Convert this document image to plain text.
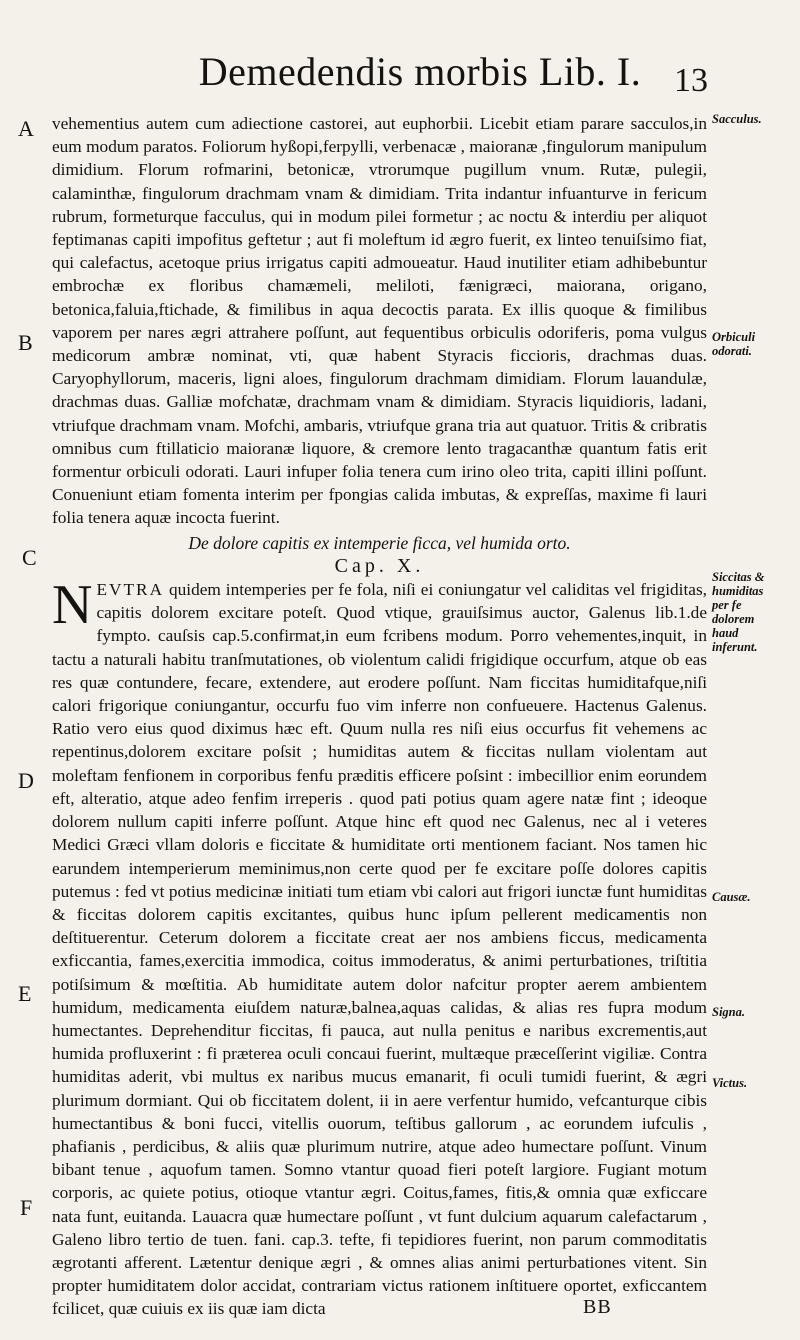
Demedendis morbis Lib. I. 13
A
B
C
D
E
F
Sacculus.
Orbiculi odorati.
Siccitas & humiditas per fe dolorem haud inferunt.
Causæ.
Signa.
Victus.

vehementius autem cum adiectione castorei, aut euphorbii. Licebit etiam parare sacculos,in eum modum paratos. Foliorum hyßopi,ferpylli, verbenacæ , maioranæ ,fingulorum manipulum dimidium. Florum rofmarini, betonicæ, vtrorumque pugillum vnum. Rutæ, pulegii, calaminthæ, fingulorum drachmam vnam & dimidiam. Trita indantur infuanturve in fericum rubrum, formeturque facculus, qui in modum pilei formetur ; ac noctu & interdiu per aliquot feptimanas capiti impofitus geftetur ; aut fi moleftum id ægro fuerit, ex linteo tenuiſsimo fiat, qui calefactus, acetoque prius irrigatus capiti admoueatur. Haud inutiliter etiam adhibebuntur embrochæ ex floribus chamæmeli, meliloti, fænigræci, maiorana, origano, betonica,faluia,ftichade, & fimilibus in aqua decoctis parata. Ex illis quoque & fimilibus vaporem per nares ægri attrahere poſſunt, aut fequentibus orbiculis odoriferis, poma vulgus medicorum ambræ nominat, vti, quæ habent Styracis ficcioris, drachmas duas. Caryophyllorum, maceris, ligni aloes, fingulorum drachmam dimidiam. Florum lauandulæ, drachmas duas. Galliæ mofchatæ, drachmam vnam & dimidiam. Styracis liquidioris, ladani, vtriufque drachmam vnam. Mofchi, ambaris, vtriufque grana tria aut quatuor. Tritis & cribratis omnibus cum ftillaticio maioranæ liquore, & cremore lento tragacanthæ quantum fatis erit formentur orbiculi odorati. Lauri infuper folia tenera cum irino oleo trita, capiti illini poſſunt. Conueniunt etiam fomenta interim per fpongias calida imbutas, & expreſſas, maxime fi lauri folia tenera aquæ incocta fuerint.

De dolore capitis ex intemperie ficca, vel humida orto.
Cap. X.

NEVTRA quidem intemperies per fe fola, niſi ei coniungatur vel caliditas vel frigiditas, capitis dolorem excitare poteſt. Quod vtique, grauiſsimus auctor, Galenus lib.1.de fympto. cauſsis cap.5.confirmat,in eum fcribens modum. Porro vehementes,inquit, in tactu a naturali habitu tranſmutationes, ob violentum calidi frigidique occurfum, atque ob eas res quæ contundere, fecare, extendere, aut erodere poſſunt. Nam ficcitas humiditafque,niſi calori frigorique coniungantur, occurfu fuo vim inferre non confueuere. Hactenus Galenus. Ratio vero eius quod diximus hæc eft. Quum nulla res niſi eius occurfus fit vehemens ac repentinus,dolorem excitare poſsit ; humiditas autem & ficcitas nullam violentam aut moleftam fenfionem in corporibus fenfu præditis efficere poſsint : imbecillior enim eorundem eft, alteratio, atque adeo fenfim irreperis . quod pati potius quam agere natæ fint ; ideoque dolorem nullum capiti inferre poſſunt. Atque hinc eft quod nec Galenus, nec al i veteres Medici Græci vllam doloris e ficcitate & humiditate orti mentionem faciant. Nos tamen hic earundem intemperierum meminimus,non certe quod per fe excitare poſſe dolores capitis putemus : fed vt potius medicinæ initiati tum etiam vbi calori aut frigori iunctæ funt humiditas & ficcitas dolorem capitis excitantes, quibus hunc ipſum pellerent medicamentis non deſtituerentur. Ceterum dolorem a ficcitate creat aer nos ambiens ficcus, medicamenta exficcantia, fames,exercitia immodica, coitus immoderatus, & animi perturbationes, triſtitia potiſsimum & mœſtitia. Ab humiditate autem dolor nafcitur propter aerem ambientem humidum, medicamenta eiuſdem naturæ,balnea,aquas calidas, & alias res fupra modum humectantes. Deprehenditur ficcitas, fi pauca, aut nulla penitus e naribus excrementis,aut humida profluxerint : fi præterea oculi concaui fuerint, multæque præceſſerint vigiliæ. Contra humiditas aderit, vbi multus ex naribus mucus emanarit, fi oculi tumidi fuerint, & ægri plurimum dormiant. Qui ob ficcitatem dolent, ii in aere verfentur humido, vefcanturque cibis humectantibus & boni fucci, vitellis ouorum, teſtibus gallorum , ac eorundem iufculis , phafianis , perdicibus, & aliis quæ plurimum nutrire, atque adeo humectare poſſunt. Vinum bibant tenue , aquofum tamen. Somno vtantur quoad fieri poteſt largiore. Fugiant motum corporis, ac quiete potius, otioque vtantur ægri. Coitus,fames, fitis,& omnia quæ exficcare nata funt, euitanda. Lauacra quæ humectare poſſunt , vt funt dulcium aquarum calefactarum , Galeno libro tertio de tuen. fani. cap.3. tefte, fi tepidiores fuerint, non parum commoditatis ægrotanti afferent. Lætentur denique ægri , & omnes alias animi perturbationes vitent. Sin propter humiditatem dolor accidat, contrariam victus rationem inſtituere oportet, exficcantem fcilicet, quæ cuiuis ex iis quæ iam dicta	BB
